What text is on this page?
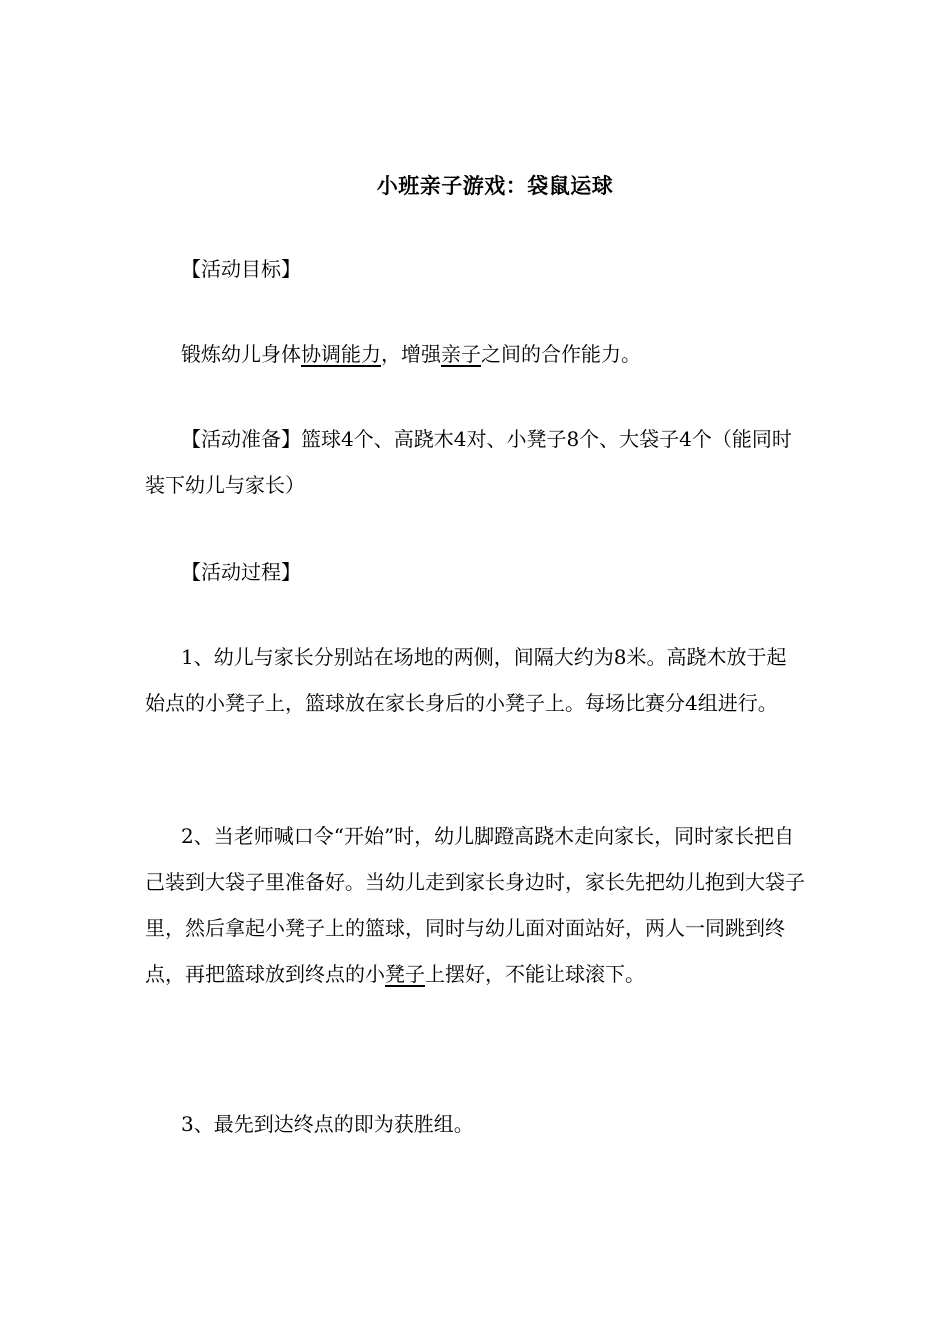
小班亲子游戏：袋鼠运球

【活动目标】

锻炼幼儿身体协调能力，增强亲子之间的合作能力。

【活动准备】篮球4个、高跷木4对、小凳子8个、大袋子4个（能同时装下幼儿与家长）

【活动过程】

1、幼儿与家长分别站在场地的两侧，间隔大约为8米。高跷木放于起始点的小凳子上，篮球放在家长身后的小凳子上。每场比赛分4组进行。

2、当老师喊口令“开始”时，幼儿脚蹬高跷木走向家长，同时家长把自己装到大袋子里准备好。当幼儿走到家长身边时，家长先把幼儿抱到大袋子里，然后拿起小凳子上的篮球，同时与幼儿面对面站好，两人一同跳到终点，再把篮球放到终点的小凳子上摆好，不能让球滚下。

3、最先到达终点的即为获胜组。
